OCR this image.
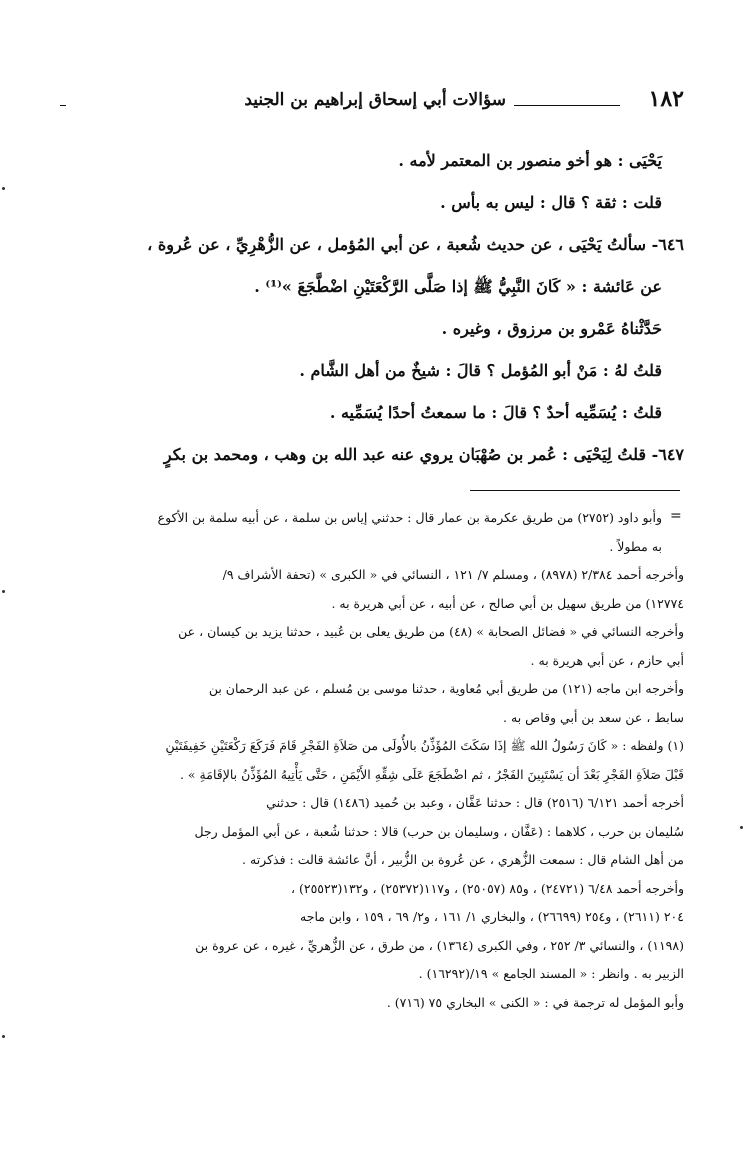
١٨٢
سؤالات أبي إسحاق إبراهيم بن الجنيد

يَحْيَى : هو أخو منصور بن المعتمر لأمه .

قلت : ثقة ؟ قال : ليس به بأس .

٦٤٦- سألتُ يَحْيَى ، عن حديث شُعبة ، عن أبي المُؤمل ، عن الزُّهْرِيِّ ، عن عُروة ،

عن عَائشة : « كَانَ النَّبِيُّ ﷺ إذا صَلَّى الرَّكْعَتَيْنِ اضْطَّجَعَ »⁽¹⁾ .

حَدَّثْناهُ عَمْرو بن مرزوق ، وغيره .

قلتُ لهُ : مَنْ أبو المُؤمل ؟ قالَ : شيخٌ من أهل الشَّام .

قلتُ : يُسَمِّيه أحدٌ ؟ قالَ : ما سمعتُ أحدًا يُسَمِّيه .

٦٤٧- قلتُ لِيَحْيَى : عُمر بن صُهْبَان يروي عنه عبد الله بن وهب ، ومحمد بن بكرٍ

=

وأبو داود (٢٧٥٢) من طريق عكرمة بن عمار قال : حدثني إياس بن سلمة ، عن أبيه سلمة بن الأكوع

به مطولاً .

وأخرجه أحمد ٢/٣٨٤ (٨٩٧٨) ، ومسلم ٧/ ١٢١ ، النسائي في « الكبرى » (تحفة الأشراف ٩/

١٢٧٧٤) من طريق سهيل بن أبي صالح ، عن أبيه ، عن أبي هريرة به .

وأخرجه النسائي في « فضائل الصحابة » (٤٨) من طريق يعلى بن عُبيد ، حدثنا يزيد بن كيسان ، عن

أبي حازم ، عن أبي هريرة به .

وأخرجه ابن ماجه (١٢١) من طريق أبي مُعاوية ، حدثنا موسى بن مُسلم ، عن عبد الرحمان بن

سابط ، عن سعد بن أبي وقاص به .

(١) ولفظه : « كَانَ رَسُولُ الله ﷺ إذَا سَكَتَ المُؤَذِّنُ بالأُولَى من صَلاَةِ الفَجْرِ قَامَ فَرَكَعَ رَكْعَتَيْنِ خَفِيفَتَيْنِ

قَبْلَ صَلاَةِ الفَجْرِ بَعْدَ أن يَسْتَبِينَ الفَجْرُ ، ثم اضْطَجَعَ عَلَى شِقِّهِ الأَيْمَنِ ، حَتَّى يَأْتِيهُ المُؤَذِّنُ بالإقَامَةِ » .

أخرجه أحمد ٦/١٢١ (٢٥١٦) قال : حدثنا عَفَّان ، وعبد بن حُميد (١٤٨٦) قال : حدثني

سُليمان بن حرب ، كلاهما : (عَفَّان ، وسليمان بن حرب) قالا : حدثنا شُعبة ، عن أبي المؤمل رجل

من أهل الشام قال : سمعت الزُّهري ، عن عُروة بن الزُّبير ، أنَّ عائشة قالت : فذكرته .

وأخرجه أحمد ٦/٤٨ (٢٤٧٢١) ، و٨٥ (٢٥٠٥٧) ، و١١٧(٢٥٣٧٢) ، و١٣٢(٢٥٥٢٣) ،

٢٠٤ (٢٦١١) ، و٢٥٤ (٢٦٦٩٩) ، والبخاري ١/ ١٦١ ، و٢/ ٦٩ ، ١٥٩ ، وابن ماجه

(١١٩٨) ، والنسائي ٣/ ٢٥٢ ، وفي الكبرى (١٣٦٤) ، من طرق ، عن الزُّهريِّ ، غيره ، عن عروة بن

الزبير به . وانظر : « المسند الجامع » ١٩/(١٦٢٩٢) .

وأبو المؤمل له ترجمة في : « الكنى » البخاري ٧٥ (٧١٦) .
